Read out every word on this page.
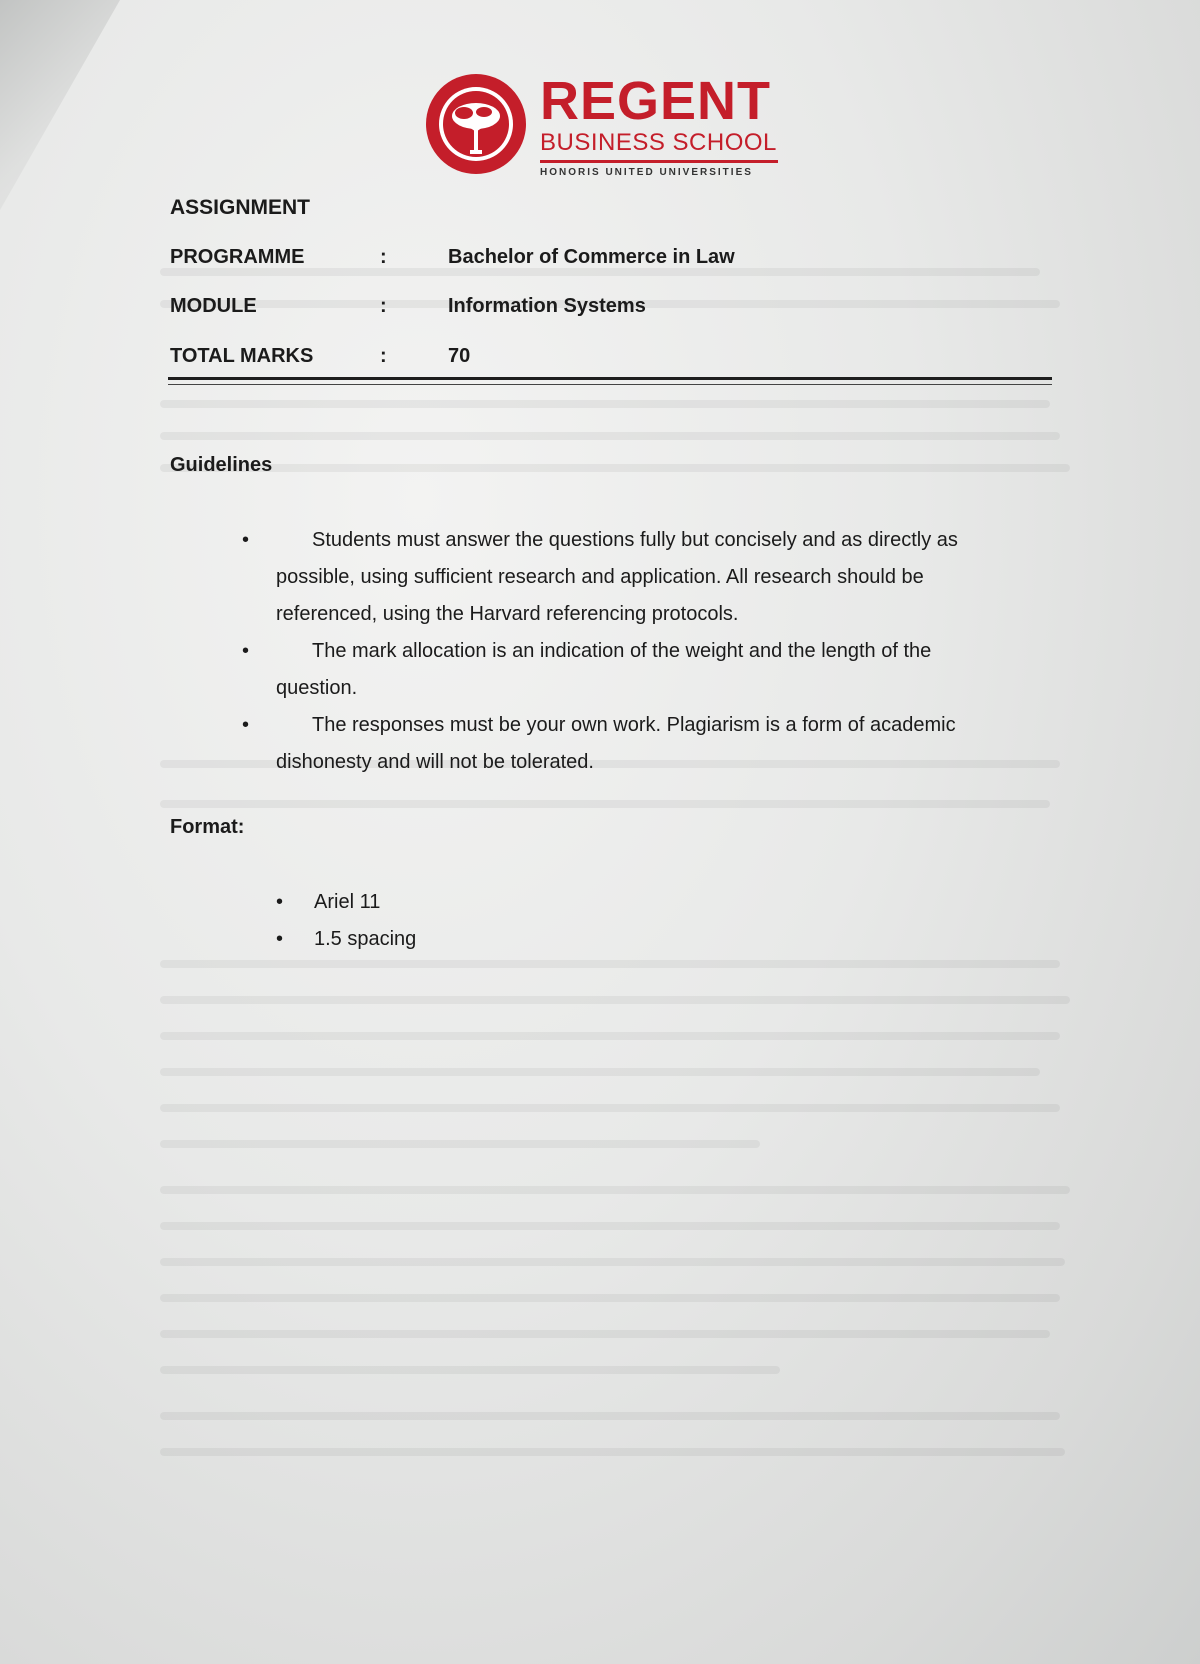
REGENT
BUSINESS SCHOOL
HONORIS UNITED UNIVERSITIES
ASSIGNMENT
PROGRAMME	:	Bachelor of Commerce in Law
MODULE	:	Information Systems
TOTAL MARKS	:	70
Guidelines
•	Students must answer the questions fully but concisely and as directly as possible, using sufficient research and application. All research should be referenced, using the Harvard referencing protocols.
•	The mark allocation is an indication of the weight and the length of the question.
•	The responses must be your own work. Plagiarism is a form of academic dishonesty and will not be tolerated.
Format:
• Ariel 11
• 1.5 spacing
